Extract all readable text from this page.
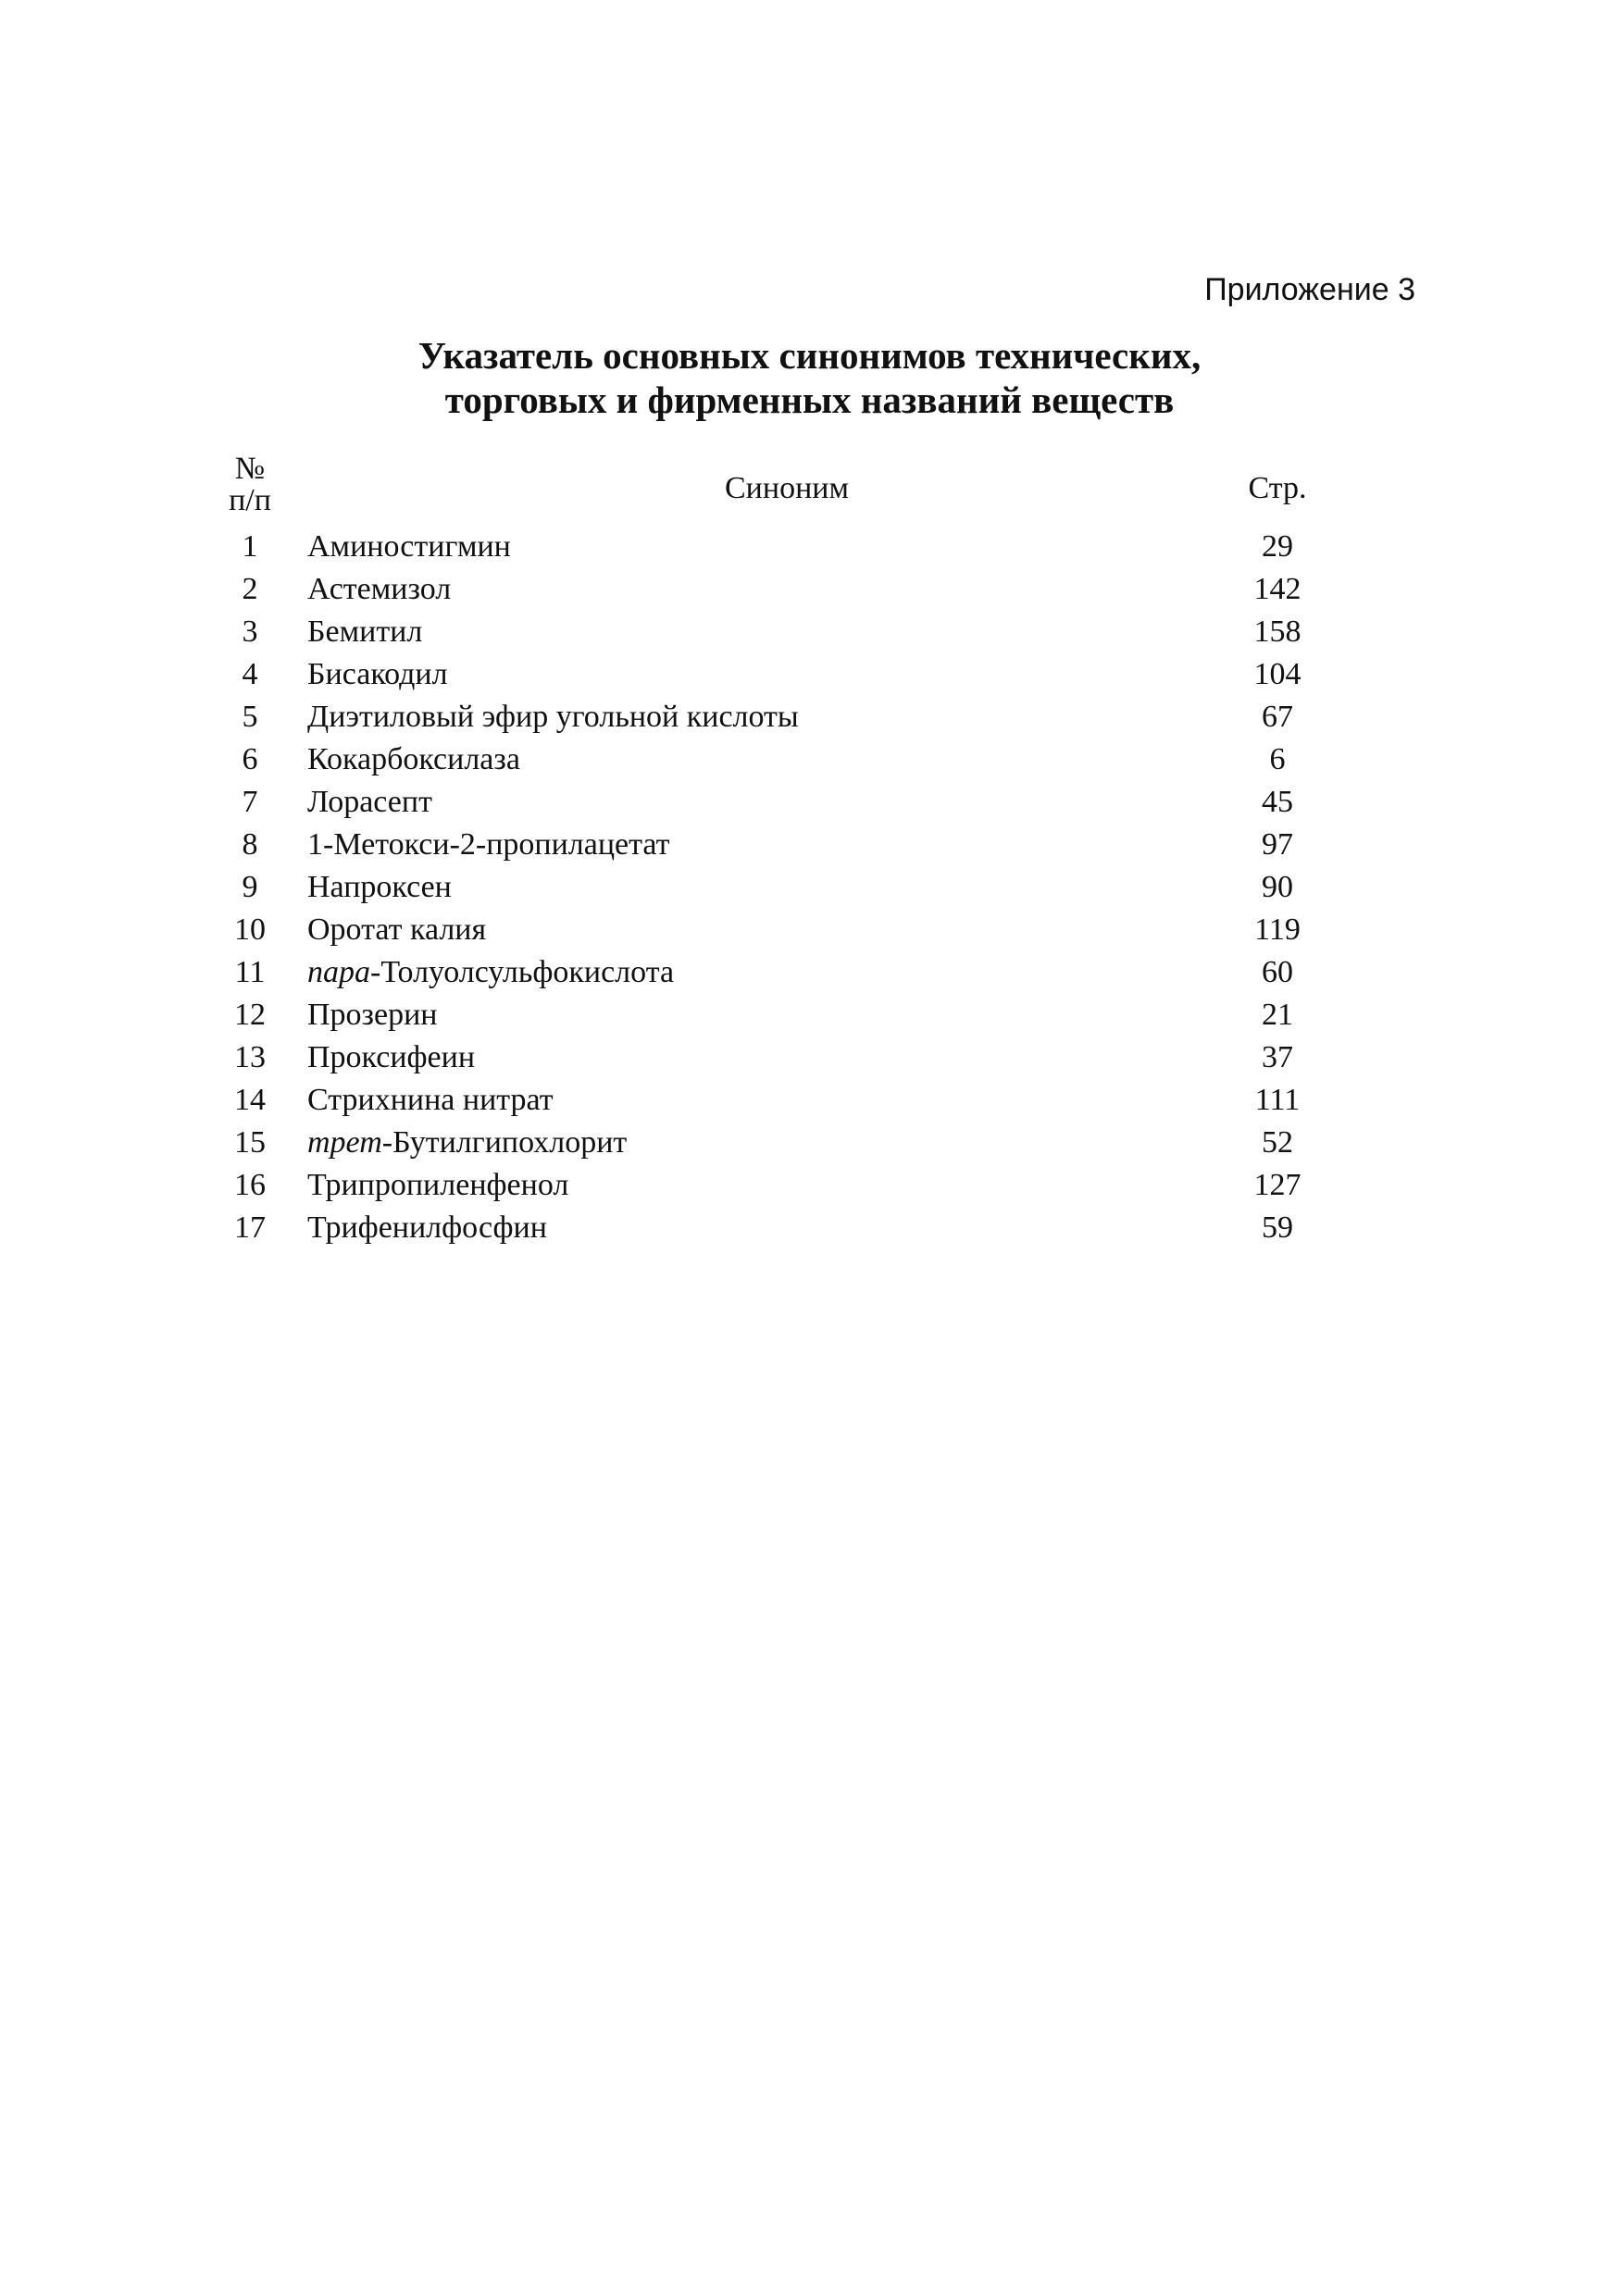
Приложение 3
Указатель основных синонимов технических,
торговых и фирменных названий веществ
№
п/п	Синоним	Стр.
1	Аминостигмин	29
2	Астемизол	142
3	Бемитил	158
4	Бисакодил	104
5	Диэтиловый эфир угольной кислоты	67
6	Кокарбоксилаза	6
7	Лорасепт	45
8	1-Метокси-2-пропилацетат	97
9	Напроксен	90
10	Оротат калия	119
11	пара-Толуолсульфокислота	60
12	Прозерин	21
13	Проксифеин	37
14	Стрихнина нитрат	111
15	трет-Бутилгипохлорит	52
16	Трипропиленфенол	127
17	Трифенилфосфин	59
